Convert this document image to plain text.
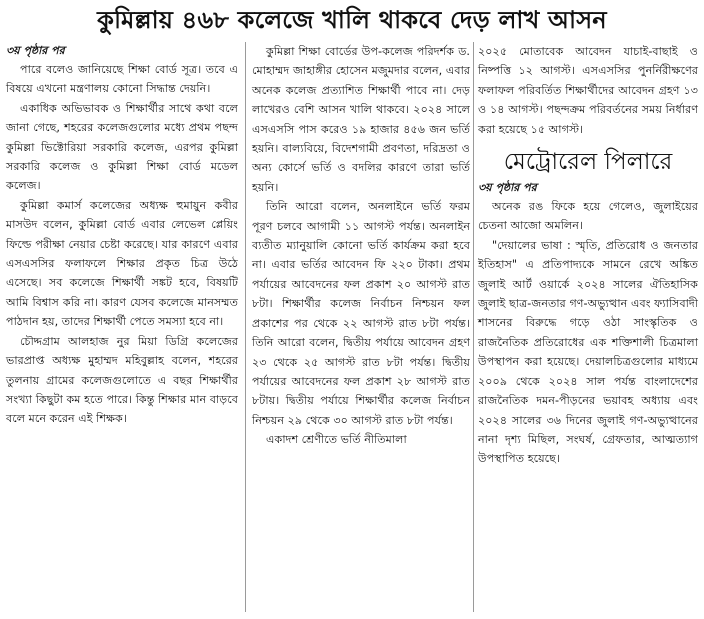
কুমিল্লায় ৪৬৮ কলেজে খালি থাকবে দেড় লাখ আসন
৩য় পৃষ্ঠার পর

পারে বলেও জানিয়েছে শিক্ষা বোর্ড সূত্র। তবে এ বিষয়ে এখনো মন্ত্রণালয় কোনো সিদ্ধান্ত দেয়নি।

একাধিক অভিভাবক ও শিক্ষার্থীর সাথে কথা বলে জানা গেছে, শহরের কলেজগুলোর মধ্যে প্রথম পছন্দ কুমিল্লা ভিক্টোরিয়া সরকারি কলেজ, এরপর কুমিল্লা সরকারি কলেজ ও কুমিল্লা শিক্ষা বোর্ড মডেল কলেজ।

কুমিল্লা কমার্স কলেজের অধ্যক্ষ হুমায়ুন কবীর মাসউদ বলেন, কুমিল্লা বোর্ড এবার লেভেল প্লেয়িং ফিল্ডে পরীক্ষা নেয়ার চেষ্টা করেছে। যার কারণে এবার এসএসসির ফলাফলে শিক্ষার প্রকৃত চিত্র উঠে এসেছে। সব কলেজে শিক্ষার্থী সঙ্কট হবে, বিষয়টি আমি বিশ্বাস করি না। কারণ যেসব কলেজে মানসম্মত পাঠদান হয়, তাদের শিক্ষার্থী পেতে সমস্যা হবে না।

চৌদ্দগ্রাম আলহাজ নুর মিয়া ডিগ্রি কলেজের ভারপ্রাপ্ত অধ্যক্ষ মুহাম্মদ মহিবুল্লাহ বলেন, শহরের তুলনায় গ্রামের কলেজগুলোতে এ বছর শিক্ষার্থীর সংখ্যা কিছুটা কম হতে পারে। কিন্তু শিক্ষার মান বাড়বে বলে মনে করেন এই শিক্ষক।

কুমিল্লা শিক্ষা বোর্ডের উপ-কলেজ পরিদর্শক ড. মোহাম্মদ জাহাঙ্গীর হোসেন মজুমদার বলেন, এবার অনেক কলেজ প্রত্যাশিত শিক্ষার্থী পাবে না। দেড় লাখেরও বেশি আসন খালি থাকবে। ২০২৪ সালে এসএসসি পাস করেও ১৯ হাজার ৪৫৬ জন ভর্তি হয়নি। বাল্যবিয়ে, বিদেশগামী প্রবণতা, দরিদ্রতা ও অন্য কোর্সে ভর্তি ও বদলির কারণে তারা ভর্তি হয়নি।

তিনি আরো বলেন, অনলাইনে ভর্তি ফরম পূরণ চলবে আগামী ১১ আগস্ট পর্যন্ত। অনলাইন ব্যতীত ম্যানুয়ালি কোনো ভর্তি কার্যক্রম করা হবে না। এবার ভর্তির আবেদন ফি ২২০ টাকা। প্রথম পর্যায়ের আবেদনের ফল প্রকাশ ২০ আগস্ট রাত ৮টা। শিক্ষার্থীর কলেজ নির্বাচন নিশ্চয়ন ফল প্রকাশের পর থেকে ২২ আগস্ট রাত ৮টা পর্যন্ত। তিনি আরো বলেন, দ্বিতীয় পর্যায়ে আবেদন গ্রহণ ২৩ থেকে ২৫ আগস্ট রাত ৮টা পর্যন্ত। দ্বিতীয় পর্যায়ের আবেদনের ফল প্রকাশ ২৮ আগস্ট রাত ৮টায়। দ্বিতীয় পর্যায়ে শিক্ষার্থীর কলেজ নির্বাচন নিশ্চয়ন ২৯ থেকে ৩০ আগস্ট রাত ৮টা পর্যন্ত।

একাদশ শ্রেণীতে ভর্তি নীতিমালা

২০২৫ মোতাবেক আবেদন যাচাই-বাছাই ও নিষ্পত্তি ১২ আগস্ট। এসএসসির পুনর্নিরীক্ষণের ফলাফল পরিবর্তিত শিক্ষার্থীদের আবেদন গ্রহণ ১৩ ও ১৪ আগস্ট। পছন্দক্রম পরিবর্তনের সময় নির্ধারণ করা হয়েছে ১৫ আগস্ট।

মেট্রোরেল পিলারে
৩য় পৃষ্ঠার পর

অনেক রঙ ফিকে হয়ে গেলেও, জুলাইয়ের চেতনা আজো অমলিন।

"দেয়ালের ভাষা : স্মৃতি, প্রতিরোধ ও জনতার ইতিহাস" এ প্রতিপাদ্যকে সামনে রেখে অঙ্কিত জুলাই আর্ট ওয়ার্কে ২০২৪ সালের ঐতিহাসিক জুলাই ছাত্র-জনতার গণ-অভ্যুত্থান এবং ফ্যাসিবাদী শাসনের বিরুদ্ধে গড়ে ওঠা সাংস্কৃতিক ও রাজনৈতিক প্রতিরোধের এক শক্তিশালী চিত্রমালা উপস্থাপন করা হয়েছে। দেয়ালচিত্রগুলোর মাধ্যমে ২০০৯ থেকে ২০২৪ সাল পর্যন্ত বাংলাদেশের রাজনৈতিক দমন-পীড়নের ভয়াবহ অধ্যায় এবং ২০২৪ সালের ৩৬ দিনের জুলাই গণ-অভ্যুত্থানের নানা দৃশ্য মিছিল, সংঘর্ষ, গ্রেফতার, আত্মত্যাগ উপস্থাপিত হয়েছে।
